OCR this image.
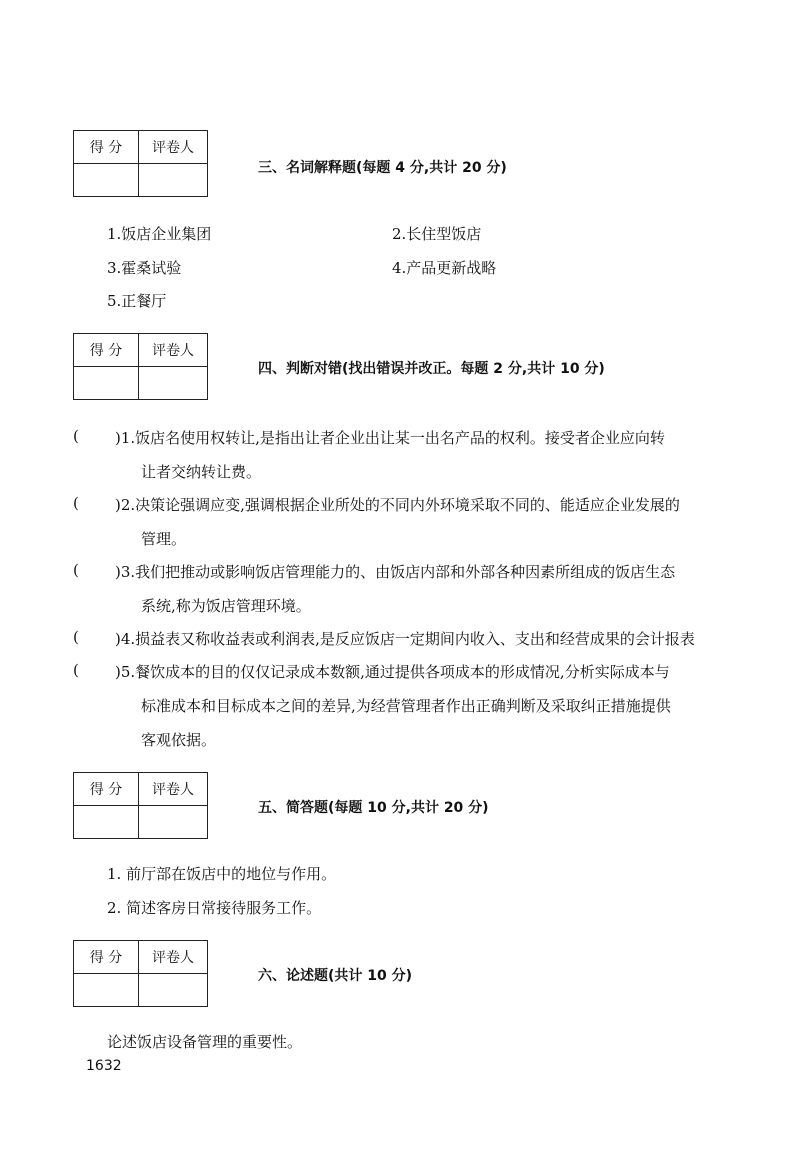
得 分	评卷人

三、名词解释题(每题 4 分,共计 20 分)
1.饭店企业集团	2.长住型饭店
3.霍桑试验	4.产品更新战略
5.正餐厅
得 分	评卷人

四、判断对错(找出错误并改正。每题 2 分,共计 10 分)
( )1.饭店名使用权转让,是指出让者企业出让某一出名产品的权利。接受者企业应向转
让者交纳转让费。
( )2.决策论强调应变,强调根据企业所处的不同内外环境采取不同的、能适应企业发展的
管理。
( )3.我们把推动或影响饭店管理能力的、由饭店内部和外部各种因素所组成的饭店生态
系统,称为饭店管理环境。
( )4.损益表又称收益表或利润表,是反应饭店一定期间内收入、支出和经营成果的会计报表
( )5.餐饮成本的目的仅仅记录成本数额,通过提供各项成本的形成情况,分析实际成本与
标准成本和目标成本之间的差异,为经营管理者作出正确判断及采取纠正措施提供
客观依据。
得 分	评卷人

五、简答题(每题 10 分,共计 20 分)
1. 前厅部在饭店中的地位与作用。
2. 简述客房日常接待服务工作。
得 分	评卷人

六、论述题(共计 10 分)
论述饭店设备管理的重要性。
1632
